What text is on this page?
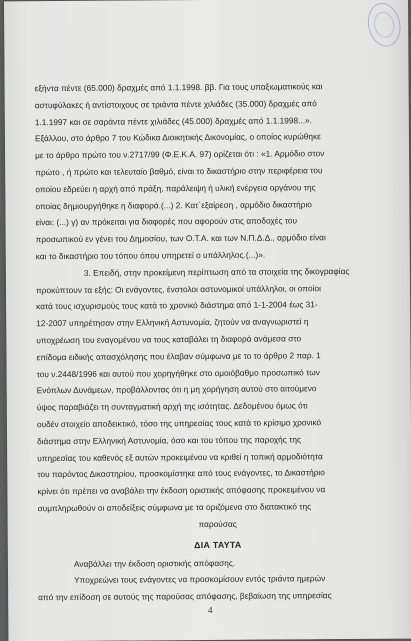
εξήντα πέντε (65.000) δραχμές από 1.1.1998. ββ. Για τους υπαξιωματικούς και
αστυφύλακες ή αντίστοιχους σε τριάντα πέντε χιλιάδες (35.000) δραχμές από
1.1.1997 και σε σαράντα πέντε χιλιάδες (45.000) δραχμές από 1.1.1998...».
Εξάλλου, στο άρθρο 7 του Κώδικα Διοικητικής Δικονομίας, ο οποίος κυρώθηκε
με το άρθρο πρώτο του ν.2717/99 (Φ.Ε.Κ.Α. 97) ορίζεται ότι : «1. Αρμόδιο στον
πρώτο , ή πρώτο και τελευταίο βαθμό, είναι το δικαστήριο στην περιφέρεια του
οποίου εδρεύει η αρχή από πράξη, παράλειψη ή υλική ενέργεια οργάνου της
οποίας δημιουργήθηκε η διαφορά.(...) 2. Κατ΄εξαίρεση , αρμόδιο δικαστήριο
είναι: (...) γ) αν πρόκειται για διαφορές που αφορούν στις αποδοχές του
προσωπικού εν γένει του Δημοσίου, των Ο.Τ.Α. και των Ν.Π.Δ.Δ., αρμόδιο είναι
και το δικαστήριο του τόπου όπου υπηρετεί ο υπάλληλος.(...)».
3. Επειδή, στην προκείμενη περίπτωση από τα στοιχεία της δικογραφίας
προκύπτουν τα εξής: Οι ενάγοντες, ένστολοι αστυνομικοί υπάλληλοι, οι οποίοι
κατά τους ισχυρισμούς τους κατά το χρονικό διάστημα από 1-1-2004 έως 31-
12-2007 υπηρέτησαν στην Ελληνική Αστυνομία, ζητούν να αναγνωριστεί η
υποχρέωση του εναγομένου να τους καταβάλει τη διαφορά ανάμεσα στο
επίδομα ειδικής απασχόλησης που έλαβαν σύμφωνα με το το άρθρο 2 παρ. 1
του ν.2448/1996 και αυτού που χορηγήθηκε στο ομοιόβαθμο προσωπικό των
Ενόπλων Δυνάμεων, προβάλλοντας ότι η μη χορήγηση αυτού στο αιτούμενο
ύψος παραβιάζει τη συνταγματική αρχή της ισότητας. Δεδομένου όμως ότι
ουδέν στοιχείο αποδεικτικό, τόσο της υπηρεσίας τους κατά το κρίσιμο χρονικό
διάστημα στην Ελληνική Αστυνομία, όσο και του τόπου της παροχής της
υπηρεσίας του καθενός εξ αυτών προκειμένου να κριθεί η τοπική αρμοδιότητα
του παρόντος Δικαστηρίου, προσκομίστηκε από τους ενάγοντες, το Δικαστήριο
κρίνει ότι πρέπει να αναβάλει την έκδοση οριστικής απόφασης προκειμένου να
συμπληρωθούν οι αποδείξεις σύμφωνα με τα οριζόμενα στο διατακτικό της
παρούσας
ΔΙΑ ΤΑΥΤΑ
Αναβάλλει την έκδοση οριστικής απόφασης.
Υποχρεώνει τους ενάγοντες να προσκομίσουν εντός τριάντα ημερών
από την επίδοση σε αυτούς της παρούσας απόφασης, βεβαίωση της υπηρεσίας
4
